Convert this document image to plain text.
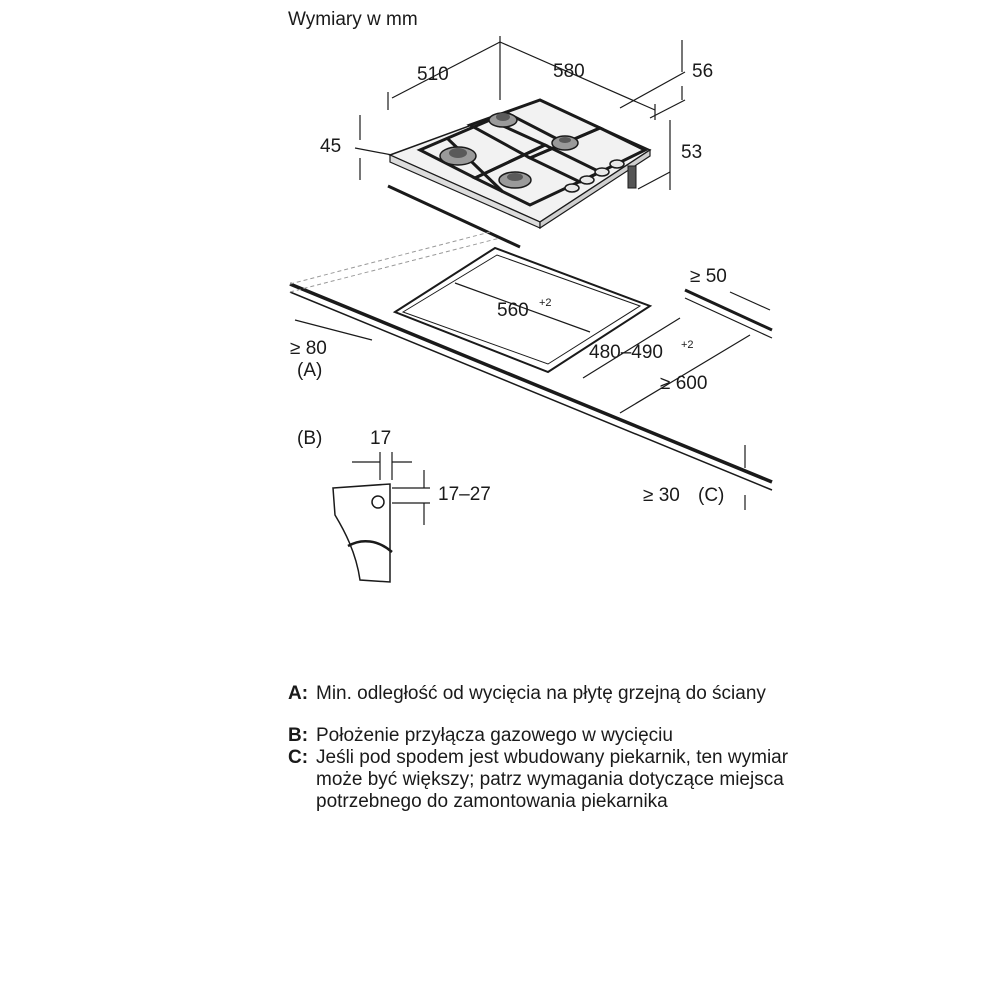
Wymiary w mm
510	580	56
45	53
≥ 50
560 +2
480–490 +2
≥ 80
(A)
≥ 600
≥ 30 (C)
(B)	17
17–27
A: Min. odległość od wycięcia na płytę grzejną do ściany
B: Położenie przyłącza gazowego w wycięciu
C: Jeśli pod spodem jest wbudowany piekarnik, ten wymiar może być większy; patrz wymagania dotyczące miejsca potrzebnego do zamontowania piekarnika
